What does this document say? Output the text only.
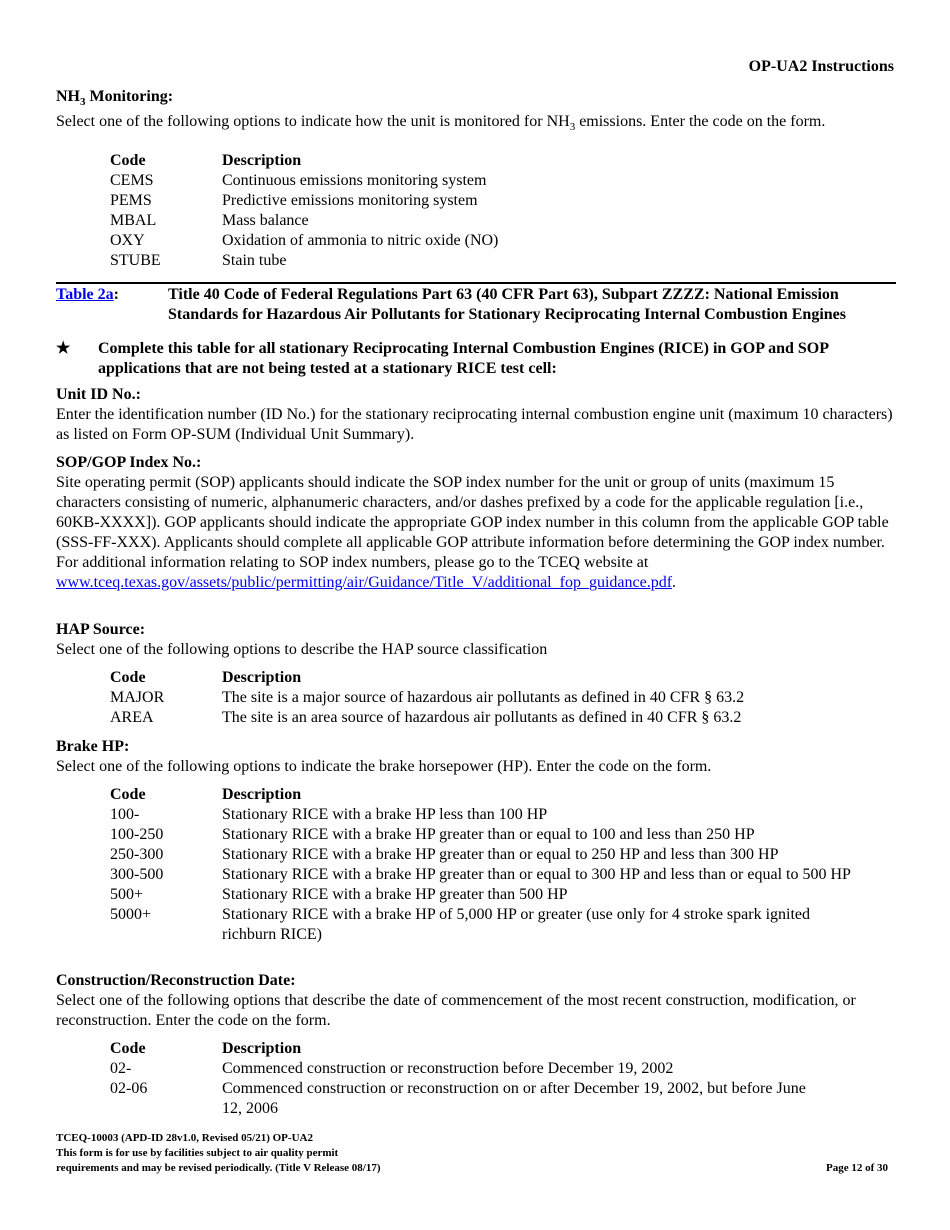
OP-UA2 Instructions

$NH_3$ Monitoring:

Select one of the following options to indicate how the unit is monitored for $NH_3$ emissions. Enter the code on the form.

Code	Description
CEMS	Continuous emissions monitoring system
PEMS	Predictive emissions monitoring system
MBAL	Mass balance
OXY	Oxidation of ammonia to nitric oxide (NO)
STUBE	Stain tube
Table 2a:	Title 40 Code of Federal Regulations Part 63 (40 CFR Part 63), Subpart ZZZZ: National Emission Standards for Hazardous Air Pollutants for Stationary Reciprocating Internal Combustion Engines
★	Complete this table for all stationary Reciprocating Internal Combustion Engines (RICE) in GOP and SOP applications that are not being tested at a stationary RICE test cell:

Unit ID No.:

Enter the identification number (ID No.) for the stationary reciprocating internal combustion engine unit (maximum 10 characters) as listed on Form OP-SUM (Individual Unit Summary).

SOP/GOP Index No.:

Site operating permit (SOP) applicants should indicate the SOP index number for the unit or group of units (maximum 15 characters consisting of numeric, alphanumeric characters, and/or dashes prefixed by a code for the applicable regulation [i.e., 60KB-XXXX]). GOP applicants should indicate the appropriate GOP index number in this column from the applicable GOP table (SSS-FF-XXX). Applicants should complete all applicable GOP attribute information before determining the GOP index number. For additional information relating to SOP index numbers, please go to the TCEQ website at

www.tceq.texas.gov/assets/public/permitting/air/Guidance/Title_V/additional_fop_guidance.pdf.

HAP Source:

Select one of the following options to describe the HAP source classification

Code	Description
MAJOR	The site is a major source of hazardous air pollutants as defined in 40 CFR § 63.2
AREA	The site is an area source of hazardous air pollutants as defined in 40 CFR § 63.2

Brake HP:

Select one of the following options to indicate the brake horsepower (HP). Enter the code on the form.

Code	Description
100-	Stationary RICE with a brake HP less than 100 HP
100-250	Stationary RICE with a brake HP greater than or equal to 100 and less than 250 HP
250-300	Stationary RICE with a brake HP greater than or equal to 250 HP and less than 300 HP
300-500	Stationary RICE with a brake HP greater than or equal to 300 HP and less than or equal to 500 HP
500+	Stationary RICE with a brake HP greater than 500 HP
5000+	Stationary RICE with a brake HP of 5,000 HP or greater (use only for 4 stroke spark ignited richburn RICE)

Construction/Reconstruction Date:

Select one of the following options that describe the date of commencement of the most recent construction, modification, or reconstruction. Enter the code on the form.

Code	Description
02-	Commenced construction or reconstruction before December 19, 2002
02-06	Commenced construction or reconstruction on or after December 19, 2002, but before June 12, 2006
TCEQ-10003 (APD-ID 28v1.0, Revised 05/21) OP-UA2
This form is for use by facilities subject to air quality permit
requirements and may be revised periodically. (Title V Release 08/17)	Page 12 of 30
